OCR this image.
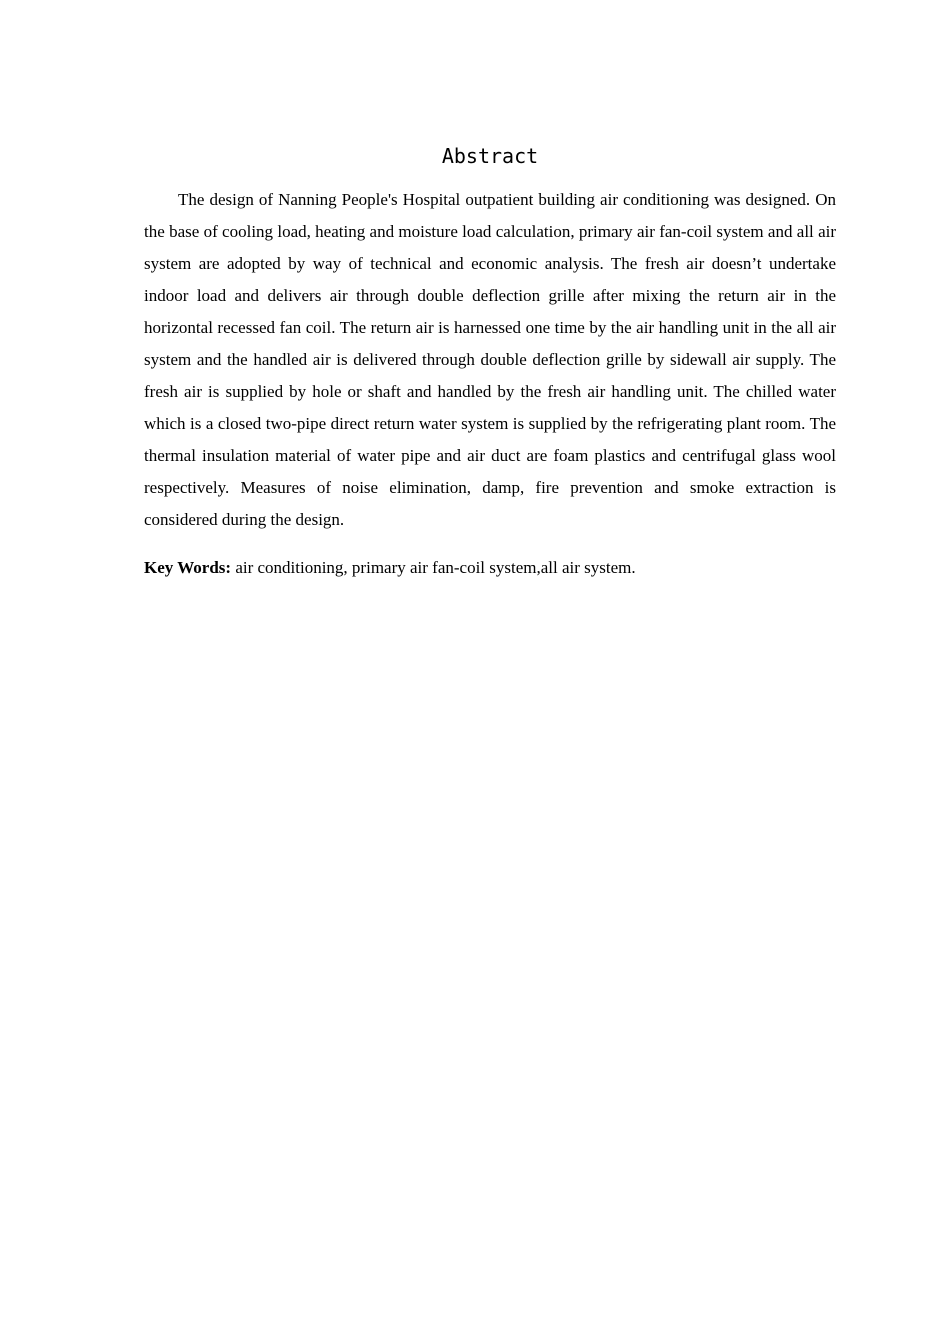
Abstract

The design of Nanning People's Hospital outpatient building air conditioning was designed. On the base of cooling load, heating and moisture load calculation, primary air fan-coil system and all air system are adopted by way of technical and economic analysis. The fresh air doesn’t undertake indoor load and delivers air through double deflection grille after mixing the return air in the horizontal recessed fan coil. The return air is harnessed one time by the air handling unit in the all air system and the handled air is delivered through double deflection grille by sidewall air supply. The fresh air is supplied by hole or shaft and handled by the fresh air handling unit. The chilled water which is a closed two-pipe direct return water system is supplied by the refrigerating plant room. The thermal insulation material of water pipe and air duct are foam plastics and centrifugal glass wool respectively. Measures of noise elimination, damp, fire prevention and smoke extraction is considered during the design.

Key Words: air conditioning, primary air fan-coil system,all air system.
